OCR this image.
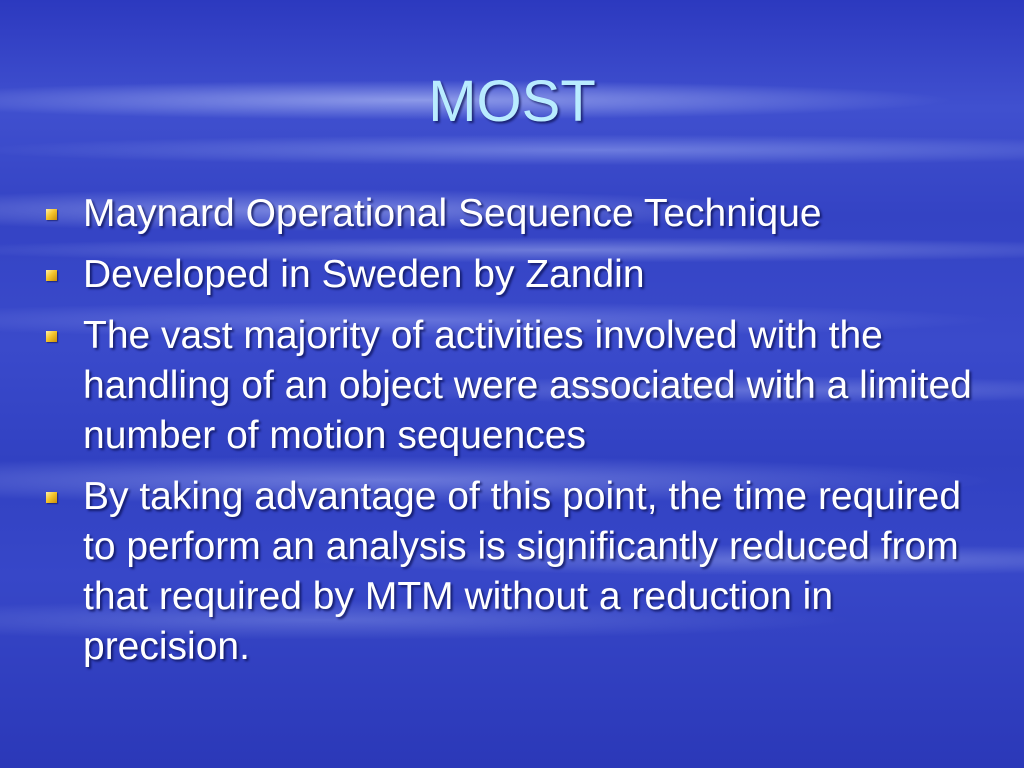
MOST
Maynard Operational Sequence Technique
Developed in Sweden by Zandin
The vast majority of activities involved with the handling of an object were associated with a limited number of motion sequences
By taking advantage of this point, the time required to perform an analysis is significantly reduced from that required by MTM without a reduction in precision.
